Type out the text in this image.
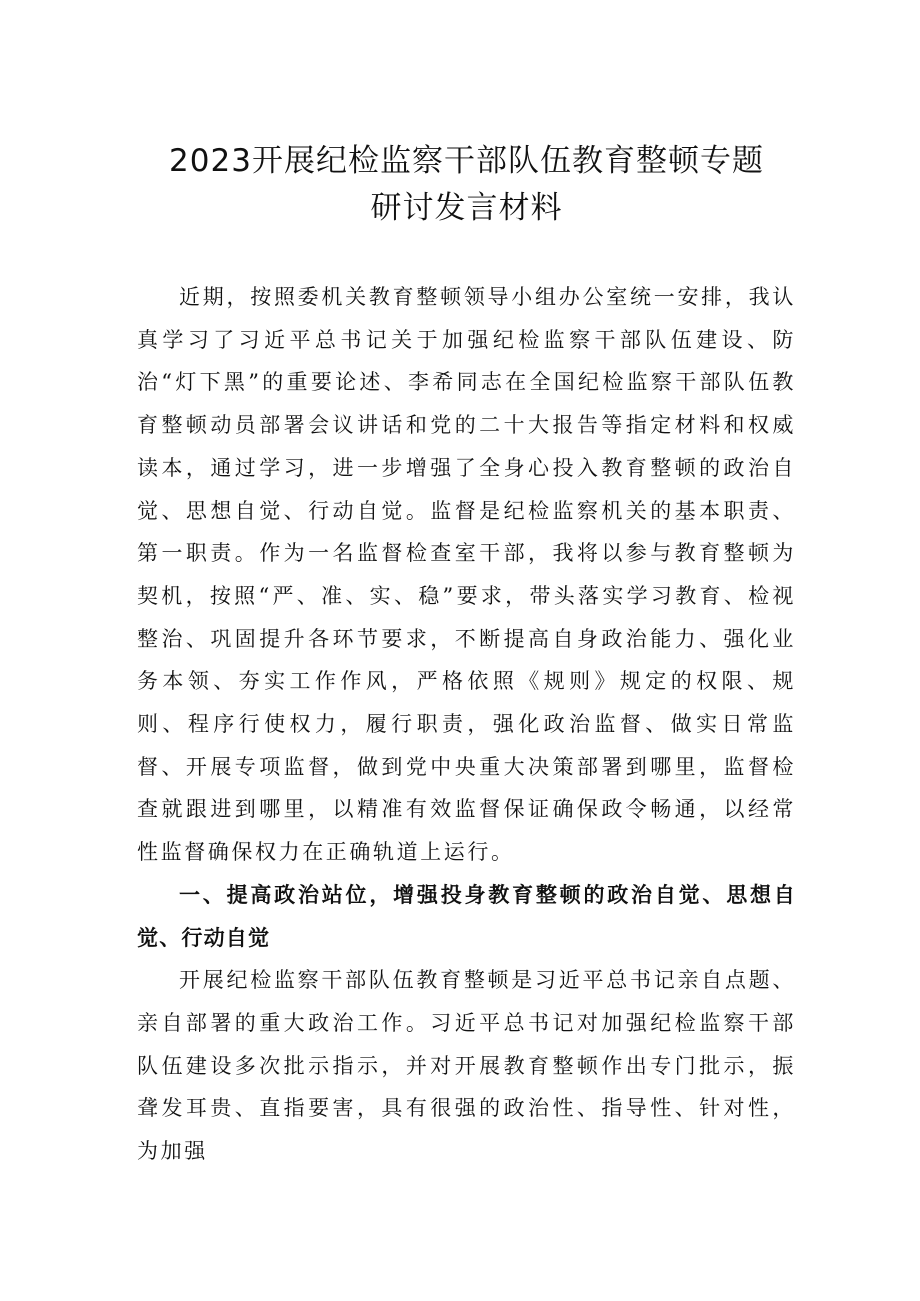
2023开展纪检监察干部队伍教育整顿专题
研讨发言材料

近期，按照委机关教育整顿领导小组办公室统一安排，我认真学习了习近平总书记关于加强纪检监察干部队伍建设、防治“灯下黑”的重要论述、李希同志在全国纪检监察干部队伍教育整顿动员部署会议讲话和党的二十大报告等指定材料和权威读本，通过学习，进一步增强了全身心投入教育整顿的政治自觉、思想自觉、行动自觉。监督是纪检监察机关的基本职责、第一职责。作为一名监督检查室干部，我将以参与教育整顿为契机，按照“严、准、实、稳”要求，带头落实学习教育、检视整治、巩固提升各环节要求，不断提高自身政治能力、强化业务本领、夯实工作作风，严格依照《规则》规定的权限、规则、程序行使权力，履行职责，强化政治监督、做实日常监督、开展专项监督，做到党中央重大决策部署到哪里，监督检查就跟进到哪里，以精准有效监督保证确保政令畅通，以经常性监督确保权力在正确轨道上运行。

一、提高政治站位，增强投身教育整顿的政治自觉、思想自觉、行动自觉

开展纪检监察干部队伍教育整顿是习近平总书记亲自点题、亲自部署的重大政治工作。习近平总书记对加强纪检监察干部队伍建设多次批示指示，并对开展教育整顿作出专门批示，振聋发耳贵、直指要害，具有很强的政治性、指导性、针对性，为加强
